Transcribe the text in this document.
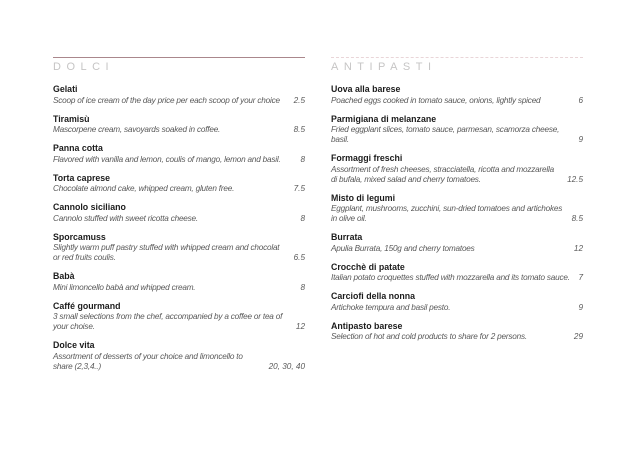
DOLCI
Gelati
Scoop of ice cream of the day price per each scoop of your choice	2.5
Tiramisù
Mascorpene cream, savoyards soaked in coffee.	8.5
Panna cotta
Flavored with vanilla and lemon, coulis of mango, lemon and basil.	8
Torta caprese
Chocolate almond cake, whipped cream, gluten free.	7.5
Cannolo siciliano
Cannolo stuffed with sweet ricotta cheese.	8
Sporcamuss
Slightly warm puff pastry stuffed with whipped cream and chocolat or red fruits coulis.	6.5
Babà
Mini limoncello babà and whipped cream.	8
Caffé gourmand
3 small selections from the chef, accompanied by a coffee or tea of your choise.	12
Dolce vita
Assortment of desserts of your choice and limoncello to share (2,3,4..)	20, 30, 40
ANTIPASTI
Uova alla barese
Poached eggs cooked in tomato sauce, onions, lightly spiced	6
Parmigiana di melanzane
Fried eggplant slices, tomato sauce, parmesan, scamorza cheese, basil.	9
Formaggi freschi
Assortment of fresh cheeses, stracciatella, ricotta and mozzarella di bufala, mixed salad and cherry tomatoes.	12.5
Misto di legumi
Eggplant, mushrooms, zucchini, sun-dried tomatoes and artichokes in olive oil.	8.5
Burrata
Apulia Burrata, 150g and cherry tomatoes	12
Crocchè di patate
Italian potato croquettes stuffed with mozzarella and its tomato sauce.	7
Carciofi della nonna
Artichoke tempura and basil pesto.	9
Antipasto barese
Selection of hot and cold products to share for 2 persons.	29
